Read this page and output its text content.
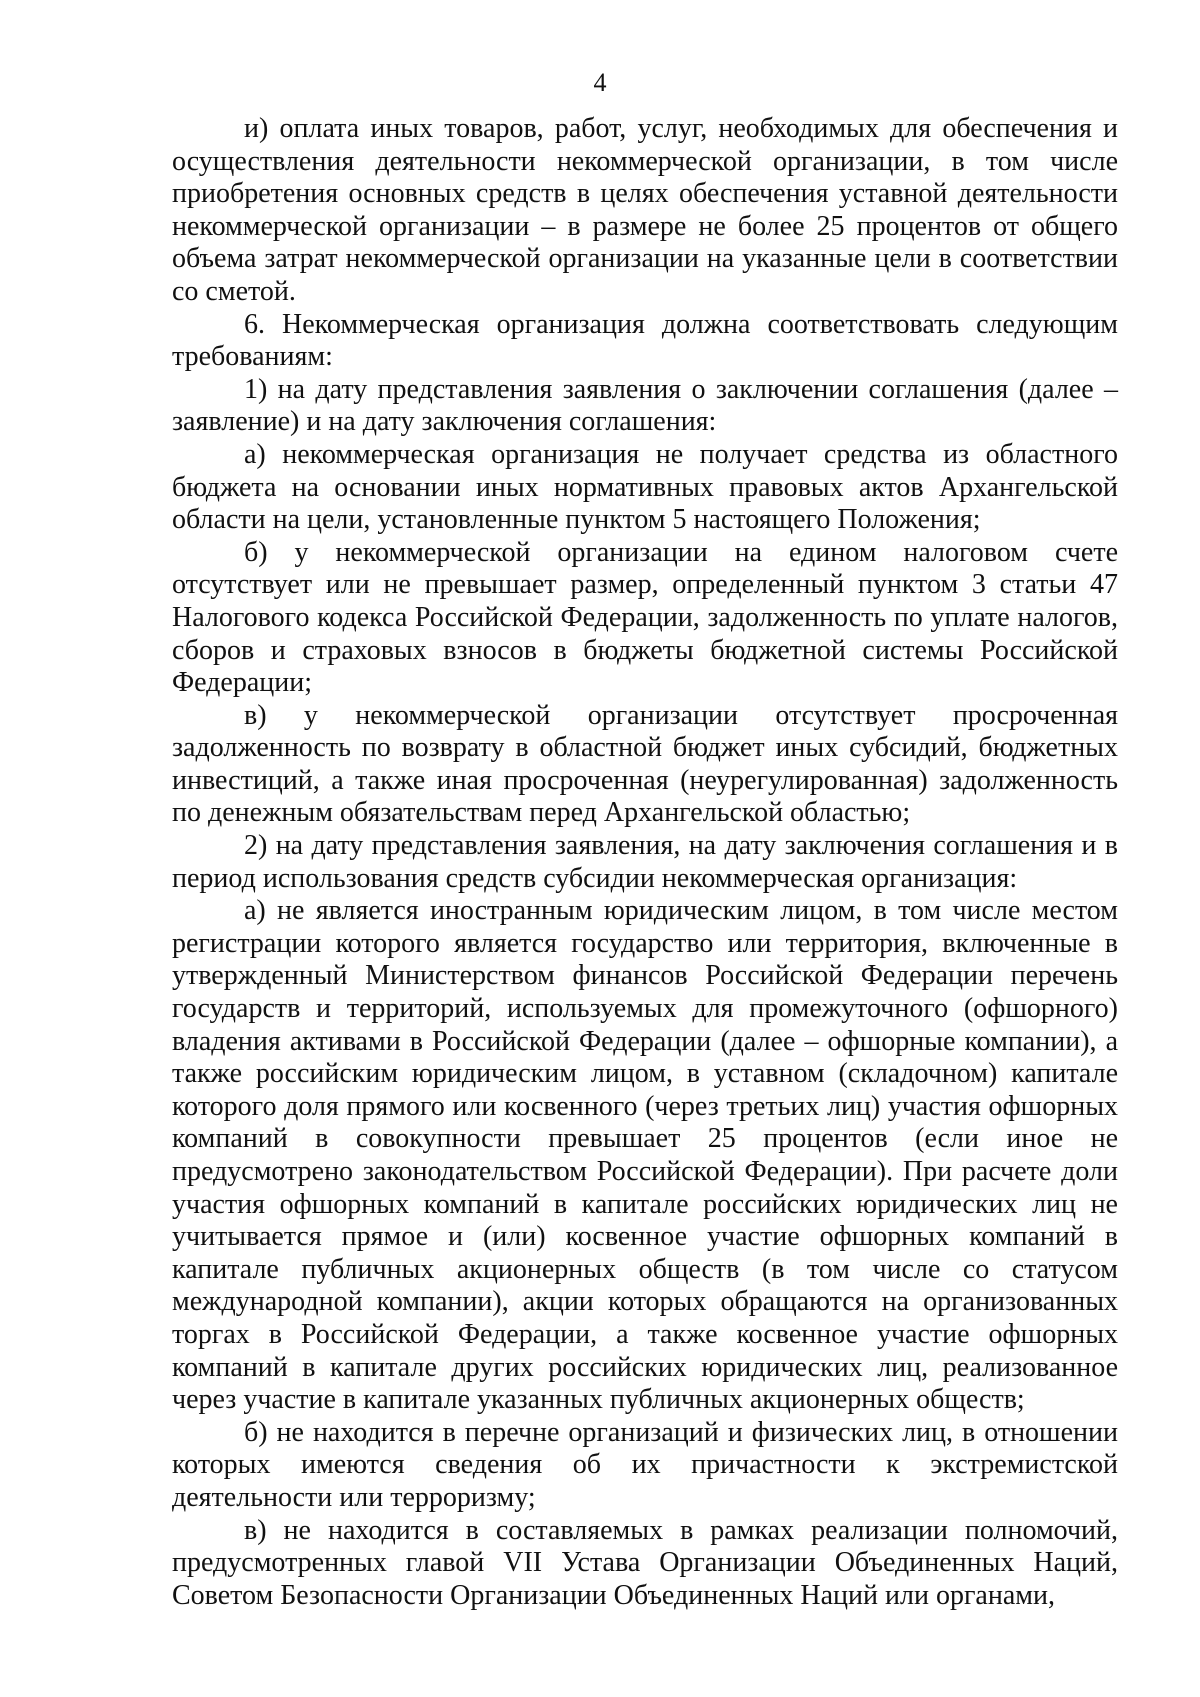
4

и) оплата иных товаров, работ, услуг, необходимых для обеспечения и осуществления деятельности некоммерческой организации, в том числе приобретения основных средств в целях обеспечения уставной деятельности некоммерческой организации – в размере не более 25 процентов от общего объема затрат некоммерческой организации на указанные цели в соответствии со сметой.

6. Некоммерческая организация должна соответствовать следующим требованиям:

1) на дату представления заявления о заключении соглашения (далее – заявление) и на дату заключения соглашения:

а) некоммерческая организация не получает средства из областного бюджета на основании иных нормативных правовых актов Архангельской области на цели, установленные пунктом 5 настоящего Положения;

б) у некоммерческой организации на едином налоговом счете отсутствует или не превышает размер, определенный пунктом 3 статьи 47 Налогового кодекса Российской Федерации, задолженность по уплате налогов, сборов и страховых взносов в бюджеты бюджетной системы Российской Федерации;

в) у некоммерческой организации отсутствует просроченная задолженность по возврату в областной бюджет иных субсидий, бюджетных инвестиций, а также иная просроченная (неурегулированная) задолженность по денежным обязательствам перед Архангельской областью;

2) на дату представления заявления, на дату заключения соглашения и в период использования средств субсидии некоммерческая организация:

а) не является иностранным юридическим лицом, в том числе местом регистрации которого является государство или территория, включенные в утвержденный Министерством финансов Российской Федерации перечень государств и территорий, используемых для промежуточного (офшорного) владения активами в Российской Федерации (далее – офшорные компании), а также российским юридическим лицом, в уставном (складочном) капитале которого доля прямого или косвенного (через третьих лиц) участия офшорных компаний в совокупности превышает 25 процентов (если иное не предусмотрено законодательством Российской Федерации). При расчете доли участия офшорных компаний в капитале российских юридических лиц не учитывается прямое и (или) косвенное участие офшорных компаний в капитале публичных акционерных обществ (в том числе со статусом международной компании), акции которых обращаются на организованных торгах в Российской Федерации, а также косвенное участие офшорных компаний в капитале других российских юридических лиц, реализованное через участие в капитале указанных публичных акционерных обществ;

б) не находится в перечне организаций и физических лиц, в отношении которых имеются сведения об их причастности к экстремистской деятельности или терроризму;

в) не находится в составляемых в рамках реализации полномочий, предусмотренных главой VII Устава Организации Объединенных Наций, Советом Безопасности Организации Объединенных Наций или органами,
